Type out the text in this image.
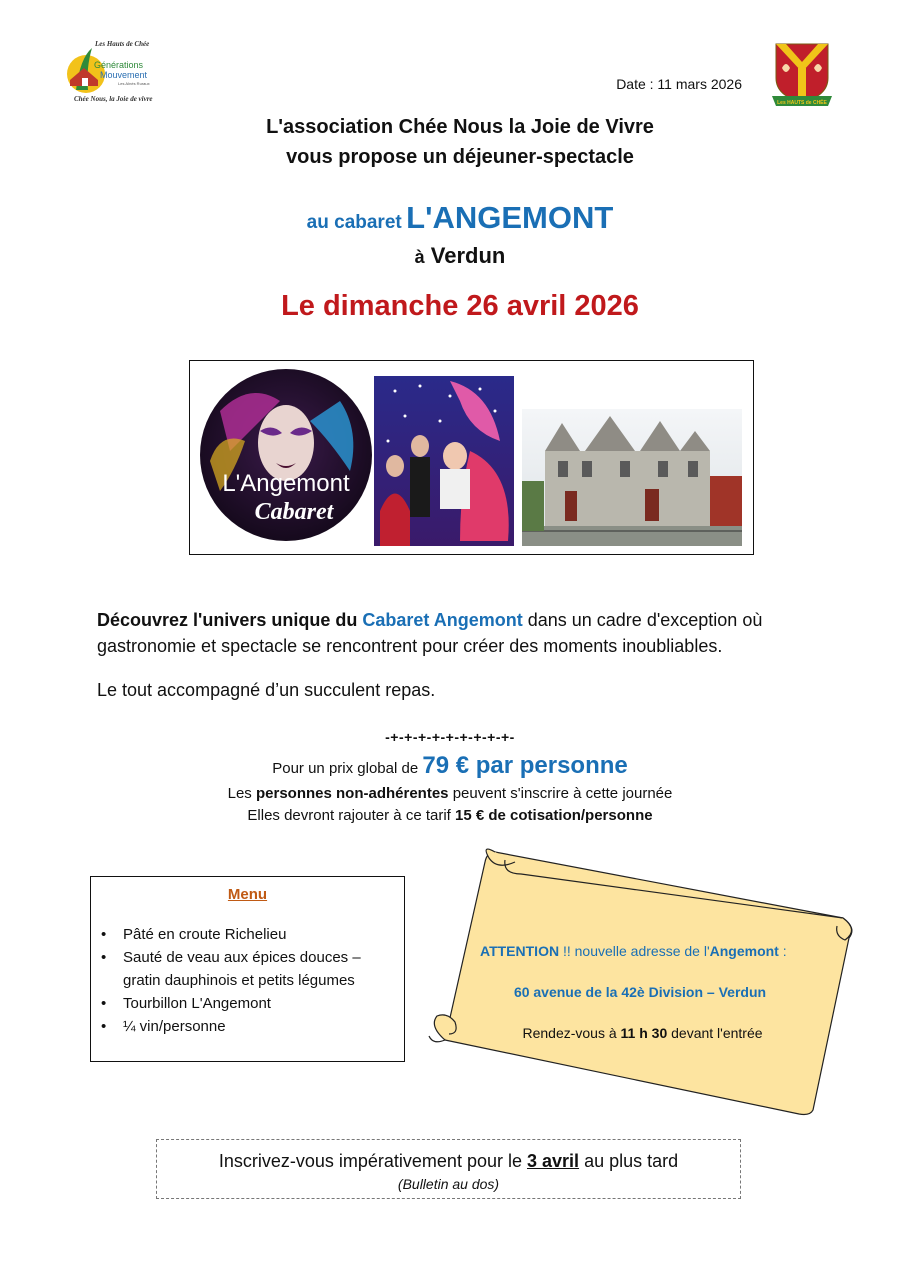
Les Hauts de Chée
Générations
Mouvement
Les Aînés Ruraux
Chée Nous, la Joie de vivre	Les HAUTS de CHÉE
Date : 11 mars 2026
L'association Chée Nous la Joie de Vivre
vous propose un déjeuner-spectacle
au cabaret L'ANGEMONT
à Verdun
Le dimanche 26 avril 2026
L'Angemont
Cabaret
Découvrez l'univers unique du Cabaret Angemont dans un cadre d'exception où gastronomie et spectacle se rencontrent pour créer des moments inoubliables.
Le tout accompagné d’un succulent repas.
-+-+-+-+-+-+-+-+-+-
Pour un prix global de 79 € par personne
Les personnes non-adhérentes peuvent s'inscrire à cette journée
Elles devront rajouter à ce tarif 15 € de cotisation/personne
Menu
• Pâté en croute Richelieu
• Sauté de veau aux épices douces – gratin dauphinois et petits légumes
• Tourbillon L'Angemont
• ¼ vin/personne
ATTENTION !! nouvelle adresse de l'Angemont :
60 avenue de la 42è Division – Verdun
Rendez-vous à 11 h 30 devant l'entrée
Inscrivez-vous impérativement pour le 3 avril au plus tard
(Bulletin au dos)
